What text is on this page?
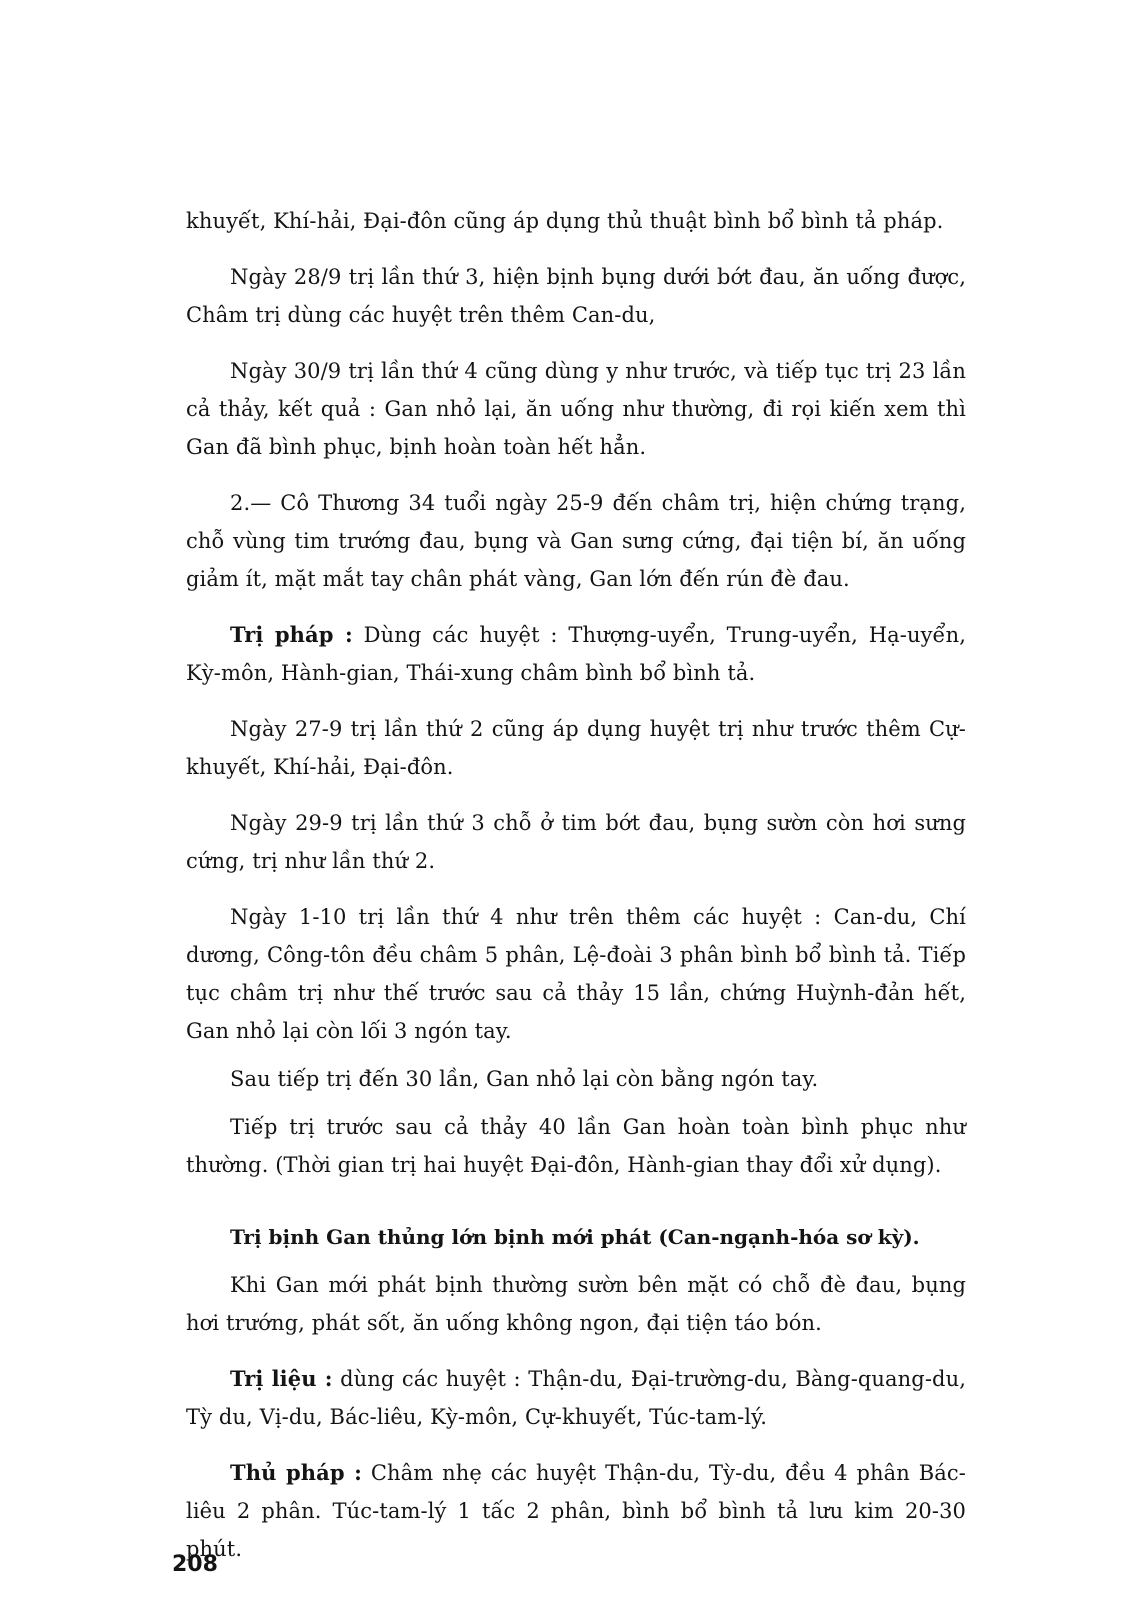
khuyết, Khí-hải, Đại-đôn cũng áp dụng thủ thuật bình bổ bình tả pháp.

Ngày 28/9 trị lần thứ 3, hiện bịnh bụng dưới bớt đau, ăn uống được, Châm trị dùng các huyệt trên thêm Can-du,

Ngày 30/9 trị lần thứ 4 cũng dùng y như trước, và tiếp tục trị 23 lần cả thảy, kết quả : Gan nhỏ lại, ăn uống như thường, đi rọi kiến xem thì Gan đã bình phục, bịnh hoàn toàn hết hẳn.

2.— Cô Thương 34 tuổi ngày 25-9 đến châm trị, hiện chứng trạng, chỗ vùng tim trướng đau, bụng và Gan sưng cứng, đại tiện bí, ăn uống giảm ít, mặt mắt tay chân phát vàng, Gan lớn đến rún đè đau.

Trị pháp : Dùng các huyệt : Thượng-uyển, Trung-uyển, Hạ-uyển, Kỳ-môn, Hành-gian, Thái-xung châm bình bổ bình tả.

Ngày 27-9 trị lần thứ 2 cũng áp dụng huyệt trị như trước thêm Cự-khuyết, Khí-hải, Đại-đôn.

Ngày 29-9 trị lần thứ 3 chỗ ở tim bớt đau, bụng sườn còn hơi sưng cứng, trị như lần thứ 2.

Ngày 1-10 trị lần thứ 4 như trên thêm các huyệt : Can-du, Chí dương, Công-tôn đều châm 5 phân, Lệ-đoài 3 phân bình bổ bình tả. Tiếp tục châm trị như thế trước sau cả thảy 15 lần, chứng Huỳnh-đản hết, Gan nhỏ lại còn lối 3 ngón tay.

Sau tiếp trị đến 30 lần, Gan nhỏ lại còn bằng ngón tay.

Tiếp trị trước sau cả thảy 40 lần Gan hoàn toàn bình phục như thường. (Thời gian trị hai huyệt Đại-đôn, Hành-gian thay đổi xử dụng).

Trị bịnh Gan thủng lớn bịnh mới phát (Can-ngạnh-hóa sơ kỳ).

Khi Gan mới phát bịnh thường sườn bên mặt có chỗ đè đau, bụng hơi trướng, phát sốt, ăn uống không ngon, đại tiện táo bón.

Trị liệu : dùng các huyệt : Thận-du, Đại-trường-du, Bàng-quang-du, Tỳ du, Vị-du, Bác-liêu, Kỳ-môn, Cự-khuyết, Túc-tam-lý.

Thủ pháp : Châm nhẹ các huyệt Thận-du, Tỳ-du, đều 4 phân Bác-liêu 2 phân. Túc-tam-lý 1 tấc 2 phân, bình bổ bình tả lưu kim 20-30 phút.

208
